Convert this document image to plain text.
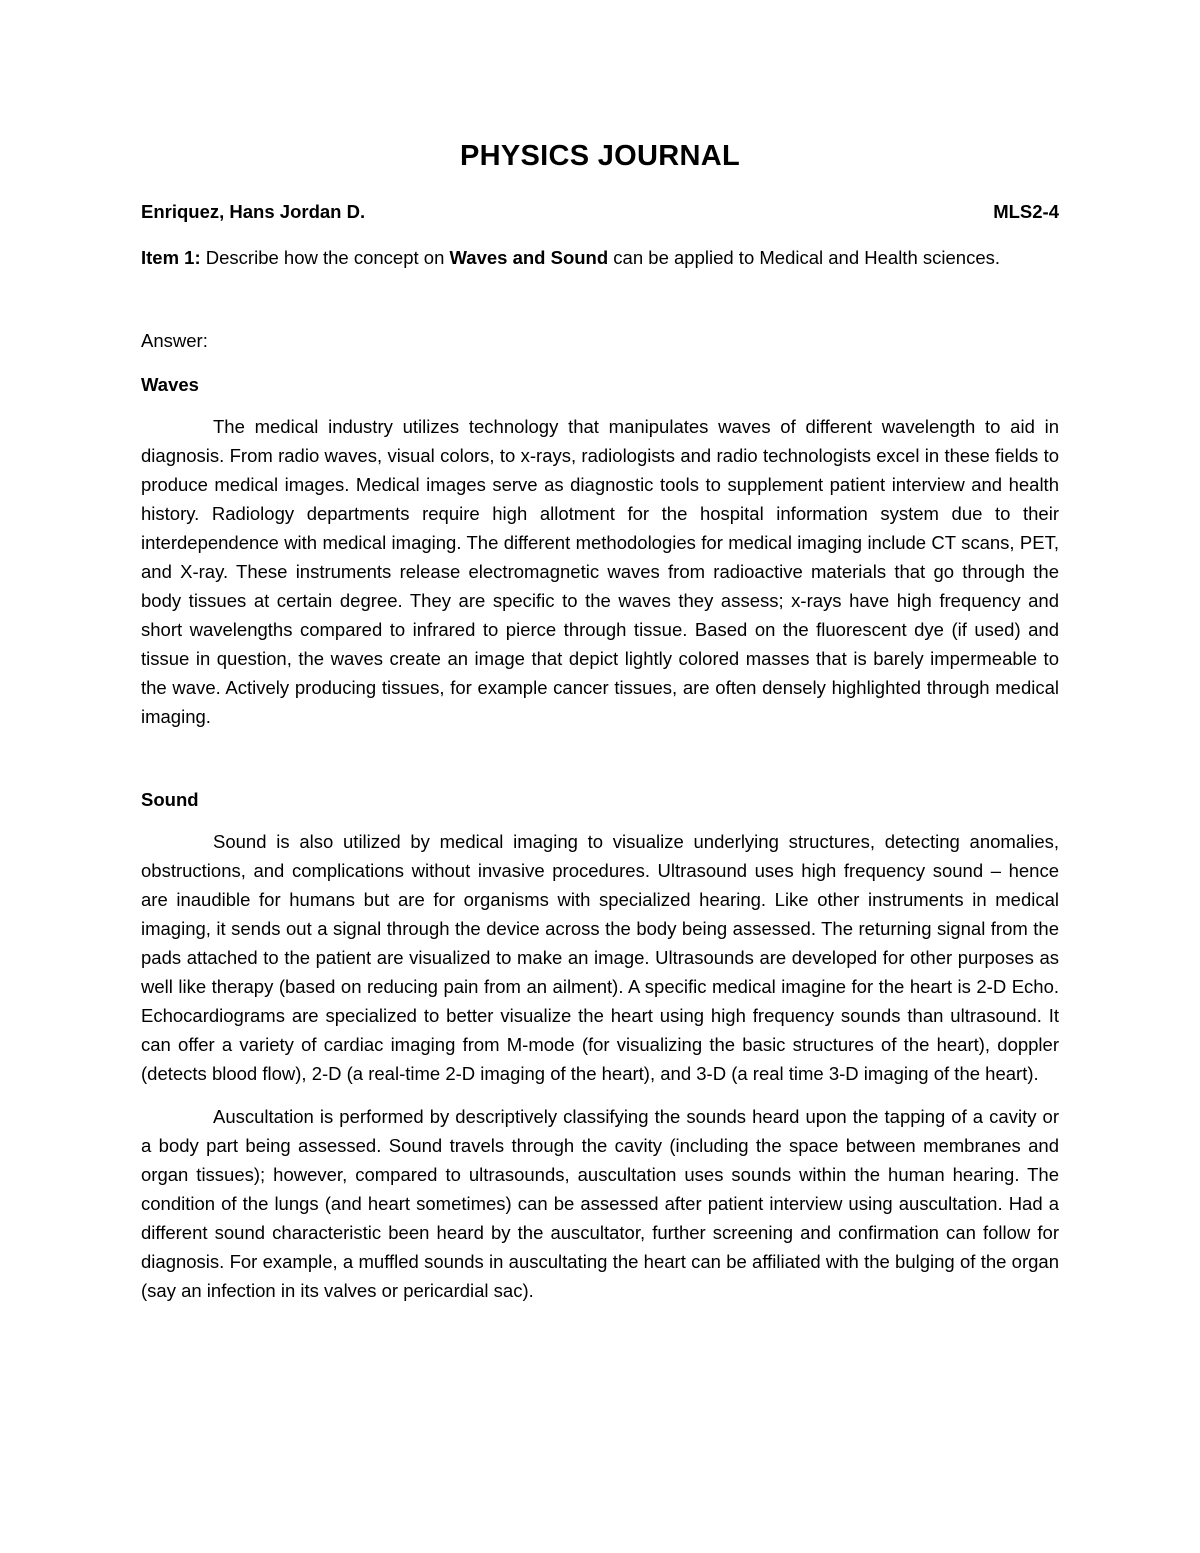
PHYSICS JOURNAL
Enriquez, Hans Jordan D.	MLS2-4

Item 1: Describe how the concept on Waves and Sound can be applied to Medical and Health sciences.

Answer:
Waves

The medical industry utilizes technology that manipulates waves of different wavelength to aid in diagnosis. From radio waves, visual colors, to x-rays, radiologists and radio technologists excel in these fields to produce medical images. Medical images serve as diagnostic tools to supplement patient interview and health history. Radiology departments require high allotment for the hospital information system due to their interdependence with medical imaging. The different methodologies for medical imaging include CT scans, PET, and X-ray. These instruments release electromagnetic waves from radioactive materials that go through the body tissues at certain degree. They are specific to the waves they assess; x-rays have high frequency and short wavelengths compared to infrared to pierce through tissue. Based on the fluorescent dye (if used) and tissue in question, the waves create an image that depict lightly colored masses that is barely impermeable to the wave. Actively producing tissues, for example cancer tissues, are often densely highlighted through medical imaging.

Sound

Sound is also utilized by medical imaging to visualize underlying structures, detecting anomalies, obstructions, and complications without invasive procedures. Ultrasound uses high frequency sound – hence are inaudible for humans but are for organisms with specialized hearing. Like other instruments in medical imaging, it sends out a signal through the device across the body being assessed. The returning signal from the pads attached to the patient are visualized to make an image. Ultrasounds are developed for other purposes as well like therapy (based on reducing pain from an ailment). A specific medical imagine for the heart is 2-D Echo. Echocardiograms are specialized to better visualize the heart using high frequency sounds than ultrasound. It can offer a variety of cardiac imaging from M-mode (for visualizing the basic structures of the heart), doppler (detects blood flow), 2-D (a real-time 2-D imaging of the heart), and 3-D (a real time 3-D imaging of the heart).

Auscultation is performed by descriptively classifying the sounds heard upon the tapping of a cavity or a body part being assessed. Sound travels through the cavity (including the space between membranes and organ tissues); however, compared to ultrasounds, auscultation uses sounds within the human hearing. The condition of the lungs (and heart sometimes) can be assessed after patient interview using auscultation. Had a different sound characteristic been heard by the auscultator, further screening and confirmation can follow for diagnosis. For example, a muffled sounds in auscultating the heart can be affiliated with the bulging of the organ (say an infection in its valves or pericardial sac).
